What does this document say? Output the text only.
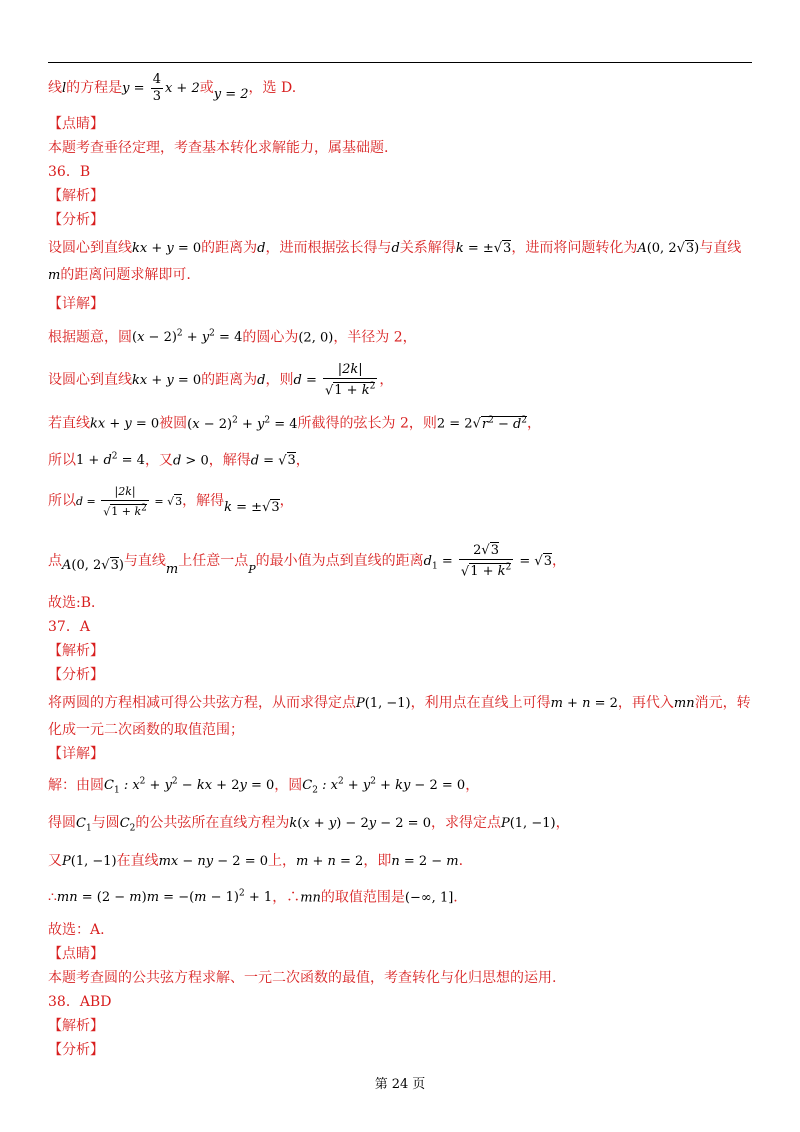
线l的方程是$y = \frac{4}{3}$ x + 2或y = 2，选 D.
【点睛】
本题考查垂径定理，考查基本转化求解能力，属基础题.
36．B
【解析】
【分析】
设圆心到直线kx + y = 0的距离为d，进而根据弦长得与d关系解得k = ±√3，进而将问题转化为A(0, 2√3)与直线
m的距离问题求解即可.
【详解】
根据题意，圆$(x - 2)^2 + y^2 = 4$的圆心为(2, 0)，半径为 2，
设圆心到直线kx + y = 0的距离为d，则$d = \frac{|2k|}{√1 + k^2}$ ，
若直线kx + y = 0被圆$(x - 2)^2 + y^2 = 4$所截得的弦长为 2，则$2 = 2√r^2 - d^2$，
所以$1 + d^2 = 4$，又d > 0，解得d = √3，
所以$d = \frac{|2k|}{√1 + k^2} = √3$，解得k = ±√3，
点A(0, 2√3)与直线m上任意一点$_P$的最小值为点到直线的距离$d_1 = \frac{2√3}{√1 + k^2} = √3$，
故选:B．
37．A
【解析】
【分析】
将两圆的方程相减可得公共弦方程，从而求得定点P(1, −1)，利用点在直线上可得m + n = 2，再代入mn消元，转
化成一元二次函数的取值范围；
【详解】
解：由圆$C_1$ : $x^2 + y^2$ − kx + 2y = 0，圆$C_2$ : $x^2 + y^2$ + ky − 2 = 0，
得圆$C_1$与圆$C_2$的公共弦所在直线方程为k(x + y) − 2y − 2 = 0，求得定点P(1, −1)，
又P(1, −1)在直线mx − ny − 2 = 0上，m + n = 2，即n = 2 − m.
∴mn = $(2 - m)m = -(m - 1)^2 + 1$，∴mn的取值范围是(−∞, 1].
故选：A.
【点睛】
本题考查圆的公共弦方程求解、一元二次函数的最值，考查转化与化归思想的运用.
38．ABD
【解析】
【分析】
第 24 页
